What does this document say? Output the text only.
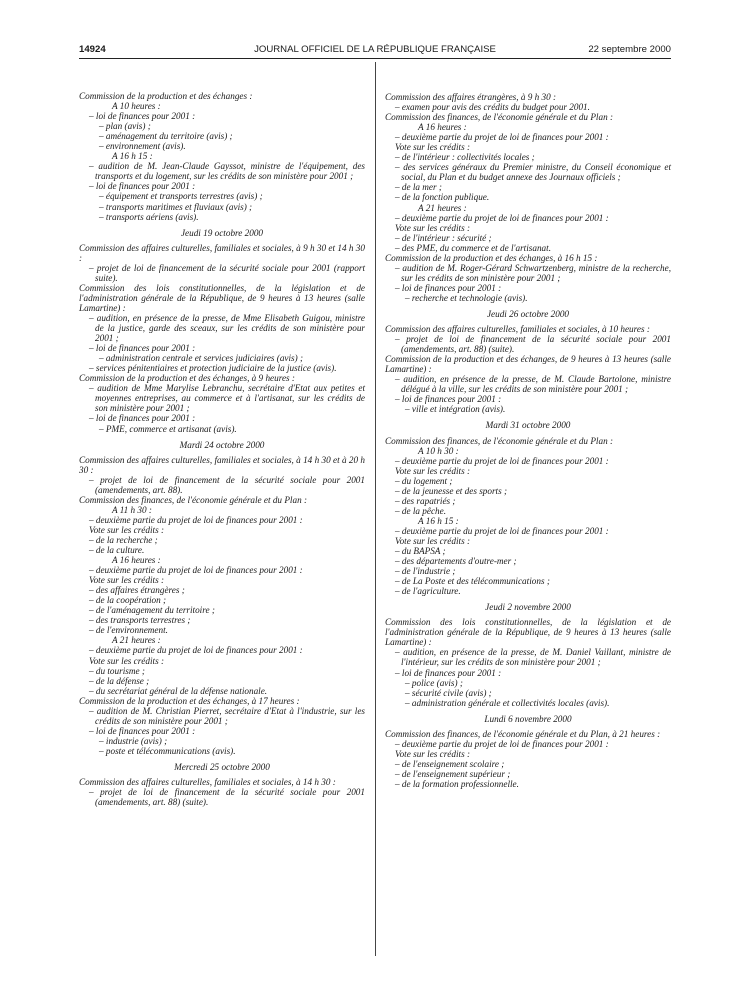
14924	JOURNAL OFFICIEL DE LA RÉPUBLIQUE FRANÇAISE	22 septembre 2000
Commission de la production et des échanges :
A 10 heures :
– loi de finances pour 2001 :
– plan (avis) ;
– aménagement du territoire (avis) ;
– environnement (avis).
A 16 h 15 :
– audition de M. Jean-Claude Gayssot, ministre de l'équipement, des transports et du logement, sur les crédits de son ministère pour 2001 ;
– loi de finances pour 2001 :
– équipement et transports terrestres (avis) ;
– transports maritimes et fluviaux (avis) ;
– transports aériens (avis).
Jeudi 19 octobre 2000
Commission des affaires culturelles, familiales et sociales, à 9 h 30 et 14 h 30 :
– projet de loi de financement de la sécurité sociale pour 2001 (rapport suite).
Commission des lois constitutionnelles, de la législation et de l'administration générale de la République, de 9 heures à 13 heures (salle Lamartine) :
– audition, en présence de la presse, de Mme Elisabeth Guigou, ministre de la justice, garde des sceaux, sur les crédits de son ministère pour 2001 ;
– loi de finances pour 2001 :
– administration centrale et services judiciaires (avis) ;
– services pénitentiaires et protection judiciaire de la justice (avis).
Commission de la production et des échanges, à 9 heures :
– audition de Mme Marylise Lebranchu, secrétaire d'Etat aux petites et moyennes entreprises, au commerce et à l'artisanat, sur les crédits de son ministère pour 2001 ;
– loi de finances pour 2001 :
– PME, commerce et artisanat (avis).
Mardi 24 octobre 2000
Commission des affaires culturelles, familiales et sociales, à 14 h 30 et à 20 h 30 :
– projet de loi de financement de la sécurité sociale pour 2001 (amendements, art. 88).
Commission des finances, de l'économie générale et du Plan :
A 11 h 30 :
– deuxième partie du projet de loi de finances pour 2001 :
Vote sur les crédits :
– de la recherche ;
– de la culture.
A 16 heures :
– deuxième partie du projet de loi de finances pour 2001 :
Vote sur les crédits :
– des affaires étrangères ;
– de la coopération ;
– de l'aménagement du territoire ;
– des transports terrestres ;
– de l'environnement.
A 21 heures :
– deuxième partie du projet de loi de finances pour 2001 :
Vote sur les crédits :
– du tourisme ;
– de la défense ;
– du secrétariat général de la défense nationale.
Commission de la production et des échanges, à 17 heures :
– audition de M. Christian Pierret, secrétaire d'Etat à l'industrie, sur les crédits de son ministère pour 2001 ;
– loi de finances pour 2001 :
– industrie (avis) ;
– poste et télécommunications (avis).
Mercredi 25 octobre 2000
Commission des affaires culturelles, familiales et sociales, à 14 h 30 :
– projet de loi de financement de la sécurité sociale pour 2001 (amendements, art. 88) (suite).
Commission des affaires étrangères, à 9 h 30 :
– examen pour avis des crédits du budget pour 2001.
Commission des finances, de l'économie générale et du Plan :
A 16 heures :
– deuxième partie du projet de loi de finances pour 2001 :
Vote sur les crédits :
– de l'intérieur : collectivités locales ;
– des services généraux du Premier ministre, du Conseil économique et social, du Plan et du budget annexe des Journaux officiels ;
– de la mer ;
– de la fonction publique.
A 21 heures :
– deuxième partie du projet de loi de finances pour 2001 :
Vote sur les crédits :
– de l'intérieur : sécurité ;
– des PME, du commerce et de l'artisanat.
Commission de la production et des échanges, à 16 h 15 :
– audition de M. Roger-Gérard Schwartzenberg, ministre de la recherche, sur les crédits de son ministère pour 2001 ;
– loi de finances pour 2001 :
– recherche et technologie (avis).
Jeudi 26 octobre 2000
Commission des affaires culturelles, familiales et sociales, à 10 heures :
– projet de loi de financement de la sécurité sociale pour 2001 (amendements, art. 88) (suite).
Commission de la production et des échanges, de 9 heures à 13 heures (salle Lamartine) :
– audition, en présence de la presse, de M. Claude Bartolone, ministre délégué à la ville, sur les crédits de son ministère pour 2001 ;
– loi de finances pour 2001 :
– ville et intégration (avis).
Mardi 31 octobre 2000
Commission des finances, de l'économie générale et du Plan :
A 10 h 30 :
– deuxième partie du projet de loi de finances pour 2001 :
Vote sur les crédits :
– du logement ;
– de la jeunesse et des sports ;
– des rapatriés ;
– de la pêche.
A 16 h 15 :
– deuxième partie du projet de loi de finances pour 2001 :
Vote sur les crédits :
– du BAPSA ;
– des départements d'outre-mer ;
– de l'industrie ;
– de La Poste et des télécommunications ;
– de l'agriculture.
Jeudi 2 novembre 2000
Commission des lois constitutionnelles, de la législation et de l'administration générale de la République, de 9 heures à 13 heures (salle Lamartine) :
– audition, en présence de la presse, de M. Daniel Vaillant, ministre de l'intérieur, sur les crédits de son ministère pour 2001 ;
– loi de finances pour 2001 :
– police (avis) ;
– sécurité civile (avis) ;
– administration générale et collectivités locales (avis).
Lundi 6 novembre 2000
Commission des finances, de l'économie générale et du Plan, à 21 heures :
– deuxième partie du projet de loi de finances pour 2001 :
Vote sur les crédits :
– de l'enseignement scolaire ;
– de l'enseignement supérieur ;
– de la formation professionnelle.
